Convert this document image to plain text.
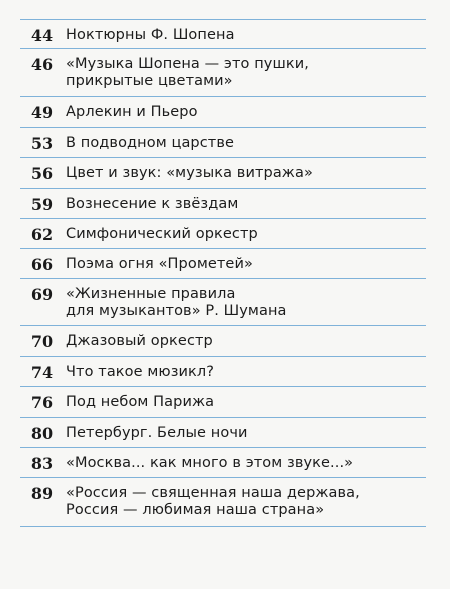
44 Ноктюрны Ф. Шопена
46 «Музыка Шопена — это пушки,
прикрытые цветами»
49 Арлекин и Пьеро
53 В подводном царстве
56 Цвет и звук: «музыка витража»
59 Вознесение к звёздам
62 Симфонический оркестр
66 Поэма огня «Прометей»
69 «Жизненные правила
для музыкантов» Р. Шумана
70 Джазовый оркестр
74 Что такое мюзикл?
76 Под небом Парижа
80 Петербург. Белые ночи
83 «Москва... как много в этом звуке...»
89 «Россия — священная наша держава,
Россия — любимая наша страна»
